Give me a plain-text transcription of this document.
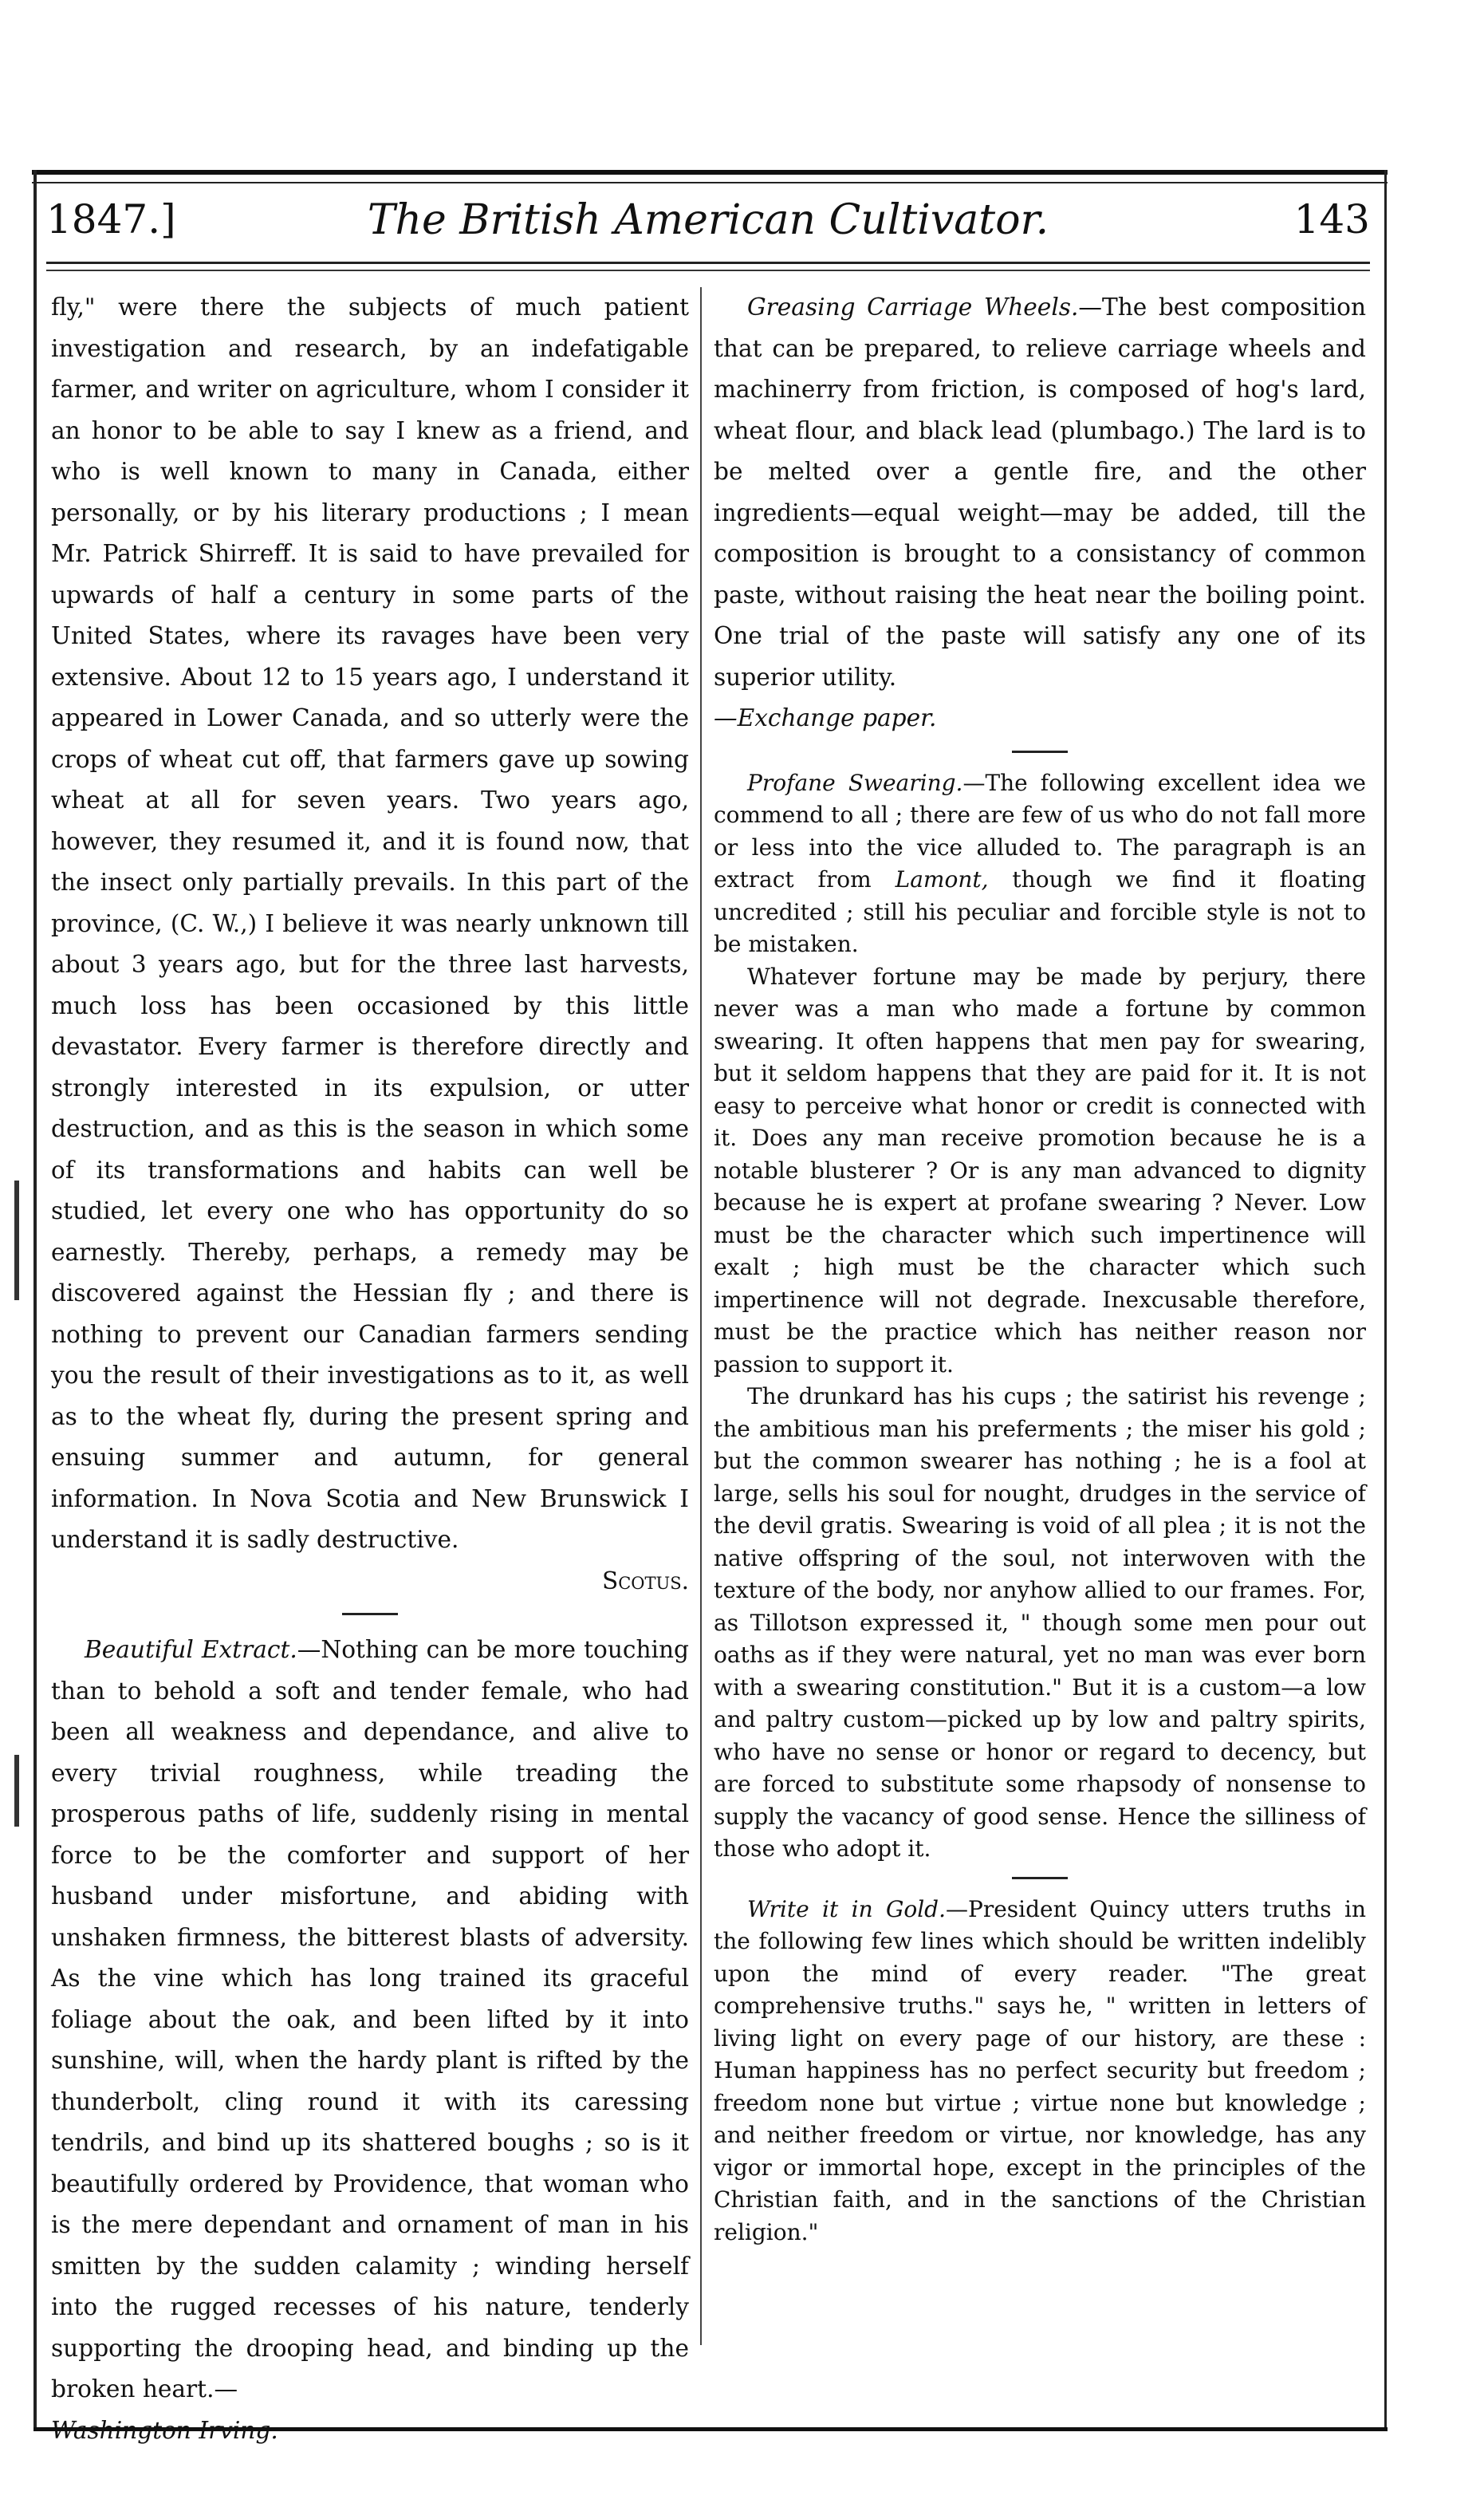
1847.]	The British American Cultivator.	143

fly," were there the subjects of much patient investigation and research, by an indefatigable farmer, and writer on agriculture, whom I consider it an honor to be able to say I knew as a friend, and who is well known to many in Canada, either personally, or by his literary productions ; I mean Mr. Patrick Shirreff. It is said to have prevailed for upwards of half a century in some parts of the United States, where its ravages have been very extensive. About 12 to 15 years ago, I understand it appeared in Lower Canada, and so utterly were the crops of wheat cut off, that farmers gave up sowing wheat at all for seven years. Two years ago, however, they resumed it, and it is found now, that the insect only partially prevails. In this part of the province, (C. W.,) I believe it was nearly unknown till about 3 years ago, but for the three last harvests, much loss has been occasioned by this little devastator. Every farmer is therefore directly and strongly interested in its expulsion, or utter destruction, and as this is the season in which some of its transformations and habits can well be studied, let every one who has opportunity do so earnestly. Thereby, perhaps, a remedy may be discovered against the Hessian fly ; and there is nothing to prevent our Canadian farmers sending you the result of their investigations as to it, as well as to the wheat fly, during the present spring and ensuing summer and autumn, for general information. In Nova Scotia and New Brunswick I understand it is sadly destructive.
Scotus.

Beautiful Extract.—Nothing can be more touching than to behold a soft and tender female, who had been all weakness and dependance, and alive to every trivial roughness, while treading the prosperous paths of life, suddenly rising in mental force to be the comforter and support of her husband under misfortune, and abiding with unshaken firmness, the bitterest blasts of adversity. As the vine which has long trained its graceful foliage about the oak, and been lifted by it into sunshine, will, when the hardy plant is rifted by the thunderbolt, cling round it with its caressing tendrils, and bind up its shattered boughs ; so is it beautifully ordered by Providence, that woman who is the mere dependant and ornament of man in his smitten by the sudden calamity ; winding herself into the rugged recesses of his nature, tenderly supporting the drooping head, and binding up the broken heart.—
Washington Irving.

Greasing Carriage Wheels.—The best composition that can be prepared, to relieve carriage wheels and machinerry from friction, is composed of hog's lard, wheat flour, and black lead (plumbago.) The lard is to be melted over a gentle fire, and the other ingredients—equal weight—may be added, till the composition is brought to a consistancy of common paste, without raising the heat near the boiling point. One trial of the paste will satisfy any one of its superior utility.
—Exchange paper.

Profane Swearing.—The following excellent idea we commend to all ; there are few of us who do not fall more or less into the vice alluded to. The paragraph is an extract from Lamont, though we find it floating uncredited ; still his peculiar and forcible style is not to be mistaken.

Whatever fortune may be made by perjury, there never was a man who made a fortune by common swearing. It often happens that men pay for swearing, but it seldom happens that they are paid for it. It is not easy to perceive what honor or credit is connected with it. Does any man receive promotion because he is a notable blusterer ? Or is any man advanced to dignity because he is expert at profane swearing ? Never. Low must be the character which such impertinence will exalt ; high must be the character which such impertinence will not degrade. Inexcusable therefore, must be the practice which has neither reason nor passion to support it.

The drunkard has his cups ; the satirist his revenge ; the ambitious man his preferments ; the miser his gold ; but the common swearer has nothing ; he is a fool at large, sells his soul for nought, drudges in the service of the devil gratis. Swearing is void of all plea ; it is not the native offspring of the soul, not interwoven with the texture of the body, nor anyhow allied to our frames. For, as Tillotson expressed it, " though some men pour out oaths as if they were natural, yet no man was ever born with a swearing constitution." But it is a custom—a low and paltry custom—picked up by low and paltry spirits, who have no sense or honor or regard to decency, but are forced to substitute some rhapsody of nonsense to supply the vacancy of good sense. Hence the silliness of those who adopt it.

Write it in Gold.—President Quincy utters truths in the following few lines which should be written indelibly upon the mind of every reader. "The great comprehensive truths." says he, " written in letters of living light on every page of our history, are these : Human happiness has no perfect security but freedom ; freedom none but virtue ; virtue none but knowledge ; and neither freedom or virtue, nor knowledge, has any vigor or immortal hope, except in the principles of the Christian faith, and in the sanctions of the Christian religion."
